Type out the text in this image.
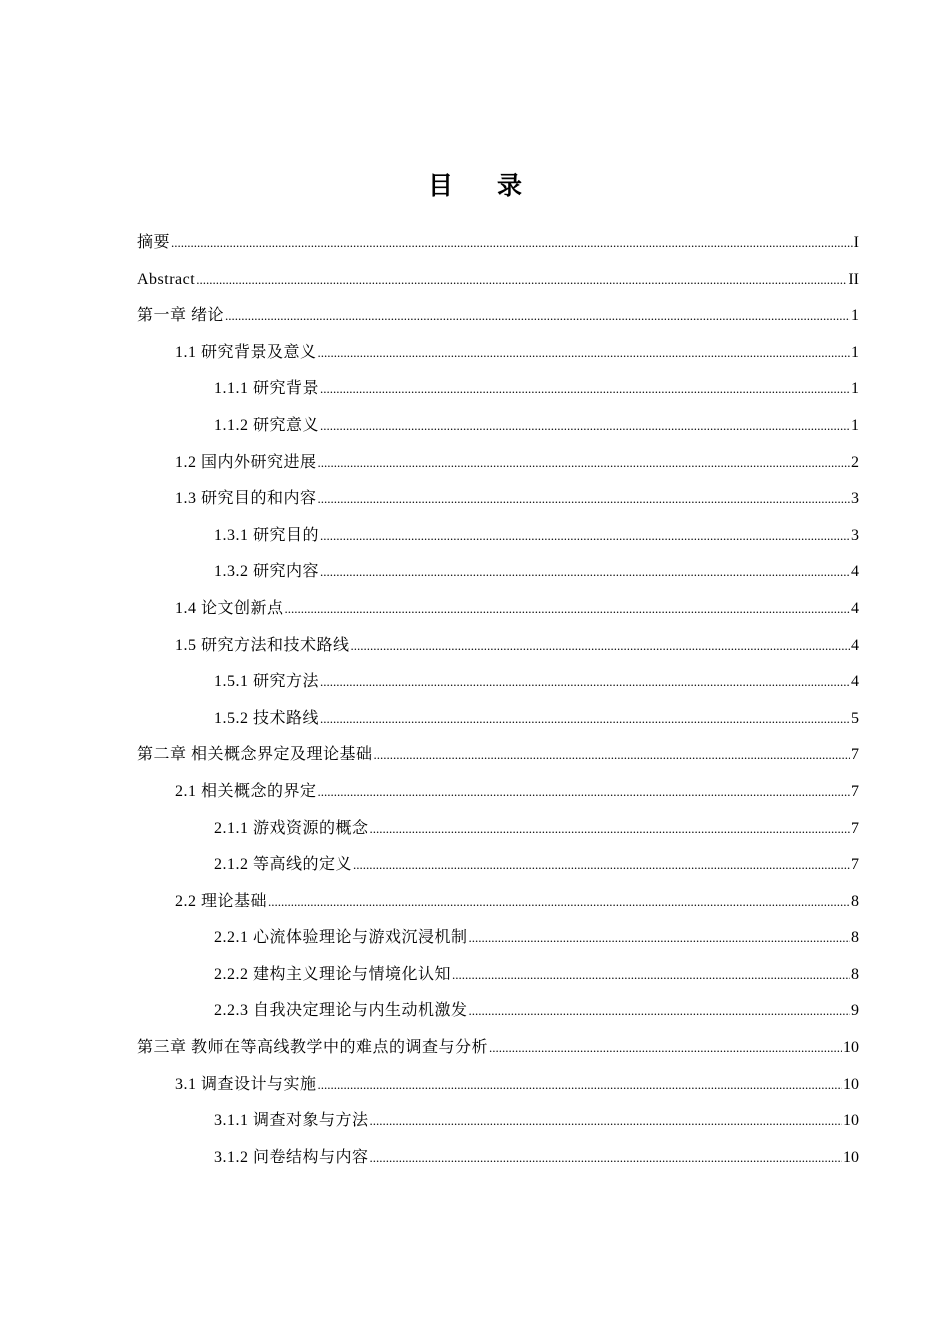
目录
摘要 .....	I
Abstract .....	II
第一章 绪论 .....	1
1.1 研究背景及意义 .....	1
1.1.1 研究背景 .....	1
1.1.2 研究意义 .....	1
1.2 国内外研究进展 .....	2
1.3 研究目的和内容 .....	3
1.3.1 研究目的 .....	3
1.3.2 研究内容 .....	4
1.4 论文创新点 .....	4
1.5 研究方法和技术路线 .....	4
1.5.1 研究方法 .....	4
1.5.2 技术路线 .....	5
第二章 相关概念界定及理论基础 .....	7
2.1 相关概念的界定 .....	7
2.1.1 游戏资源的概念 .....	7
2.1.2 等高线的定义 .....	7
2.2 理论基础 .....	8
2.2.1 心流体验理论与游戏沉浸机制 .....	8
2.2.2 建构主义理论与情境化认知 .....	8
2.2.3 自我决定理论与内生动机激发 .....	9
第三章 教师在等高线教学中的难点的调查与分析 .....	10
3.1 调查设计与实施 .....	10
3.1.1 调查对象与方法 .....	10
3.1.2 问卷结构与内容 .....	10
